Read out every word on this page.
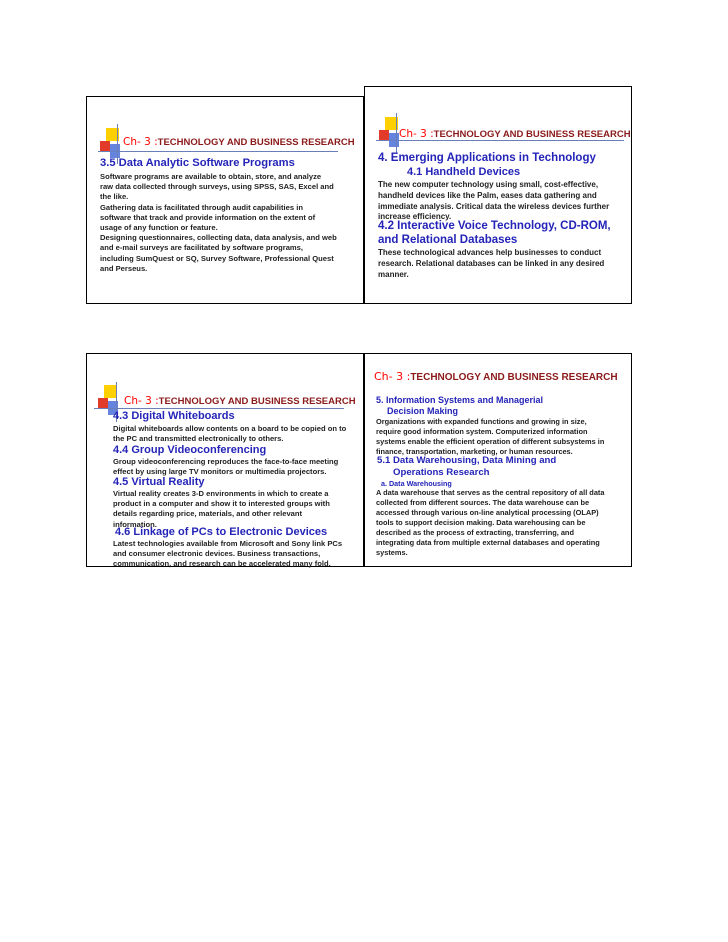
Ch- 3 :TECHNOLOGY AND BUSINESS RESEARCH
3.5 Data Analytic Software Programs
Software programs are available to obtain, store, and analyze
raw data collected through surveys, using SPSS, SAS, Excel and
the like.
Gathering data is facilitated through audit capabilities in
software that track and provide information on the extent of
usage of any function or feature.
Designing questionnaires, collecting data, data analysis, and web
and e-mail surveys are facilitated by software programs,
including SumQuest or SQ, Survey Software, Professional Quest
and Perseus.
Ch- 3 :TECHNOLOGY AND BUSINESS RESEARCH
4. Emerging Applications in Technology
4.1 Handheld Devices
The new computer technology using small, cost-effective,
handheld devices like the Palm, eases data gathering and
immediate analysis. Critical data the wireless devices further
increase efficiency.
4.2 Interactive Voice Technology, CD-ROM,
and Relational Databases
These technological advances help businesses to conduct
research. Relational databases can be linked in any desired
manner.
Ch- 3 :TECHNOLOGY AND BUSINESS RESEARCH
4.3 Digital Whiteboards
Digital whiteboards allow contents on a board to be copied on to
the PC and transmitted electronically to others.
4.4 Group Videoconferencing
Group videoconferencing reproduces the face-to-face meeting
effect by using large TV monitors or multimedia projectors.
4.5 Virtual Reality
Virtual reality creates 3-D environments in which to create a
product in a computer and show it to interested groups with
details regarding price, materials, and other relevant
information.
4.6 Linkage of PCs to Electronic Devices
Latest technologies available from Microsoft and Sony link PCs
and consumer electronic devices. Business transactions,
communication, and research can be accelerated many fold.
Ch- 3 :TECHNOLOGY AND BUSINESS RESEARCH
5. Information Systems and Managerial
Decision Making
Organizations with expanded functions and growing in size,
require good information system. Computerized information
systems enable the efficient operation of different subsystems in
finance, transportation, marketing, or human resources.
5.1 Data Warehousing, Data Mining and
Operations Research
a. Data Warehousing
A data warehouse that serves as the central repository of all data
collected from different sources. The data warehouse can be
accessed through various on-line analytical processing (OLAP)
tools to support decision making. Data warehousing can be
described as the process of extracting, transferring, and
integrating data from multiple external databases and operating
systems.
